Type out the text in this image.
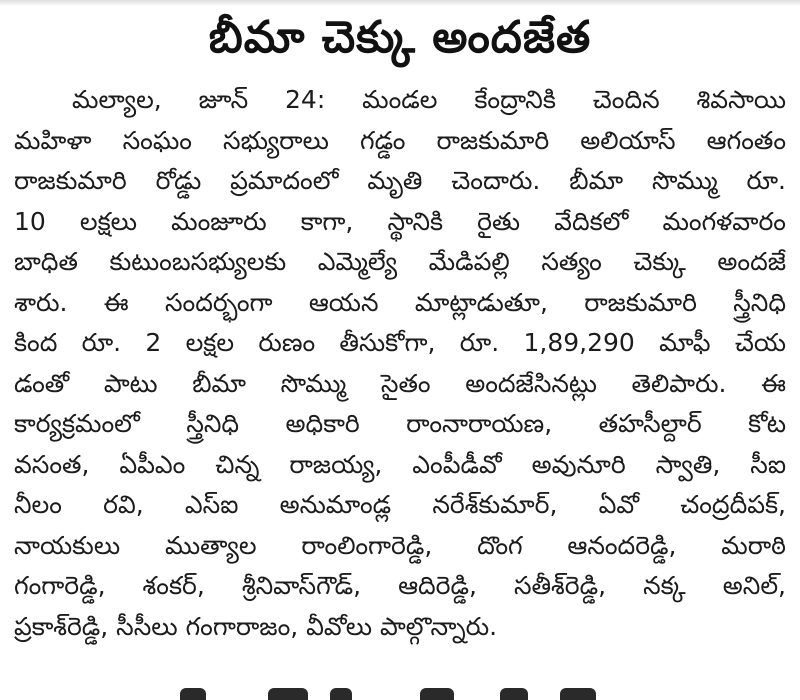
బీమా చెక్కు అందజేత
మల్యాల, జూన్ 24: మండల కేంద్రానికి చెందిన శివసాయి
మహిళా సంఘం సభ్యురాలు గడ్డం రాజకుమారి అలియాస్ ఆగంతం
రాజకుమారి రోడ్డు ప్రమాదంలో మృతి చెందారు. బీమా సొమ్ము రూ.
10 లక్షలు మంజూరు కాగా, స్థానికి రైతు వేదికలో మంగళవారం
బాధిత కుటుంబసభ్యులకు ఎమ్మెల్యే మేడిపల్లి సత్యం చెక్కు అందజే
శారు. ఈ సందర్భంగా ఆయన మాట్లాడుతూ, రాజకుమారి స్త్రీనిధి
కింద రూ. 2 లక్షల రుణం తీసుకోగా, రూ. 1,89,290 మాఫీ చేయ
డంతో పాటు బీమా సొమ్ము సైతం అందజేసినట్లు తెలిపారు. ఈ
కార్యక్రమంలో స్త్రీనిధి అధికారి రాంనారాయణ, తహసీల్దార్ కోట
వసంత, ఏపీఎం చిన్న రాజయ్య, ఎంపీడీవో అవునూరి స్వాతి, సీఐ
నీలం రవి, ఎస్ఐ అనుమాండ్ల నరేశ్‌కుమార్, ఏవో చంద్రదీపక్,
నాయకులు ముత్యాల రాంలింగారెడ్డి, దొంగ ఆనందరెడ్డి, మరాఠి
గంగారెడ్డి, శంకర్, శ్రీనివాస్‌గౌడ్, ఆదిరెడ్డి, సతీశ్‌రెడ్డి, నక్క అనిల్,
ప్రకాశ్‌రెడ్డి, సీసీలు గంగారాజం, వీవోలు పాల్గొన్నారు.
